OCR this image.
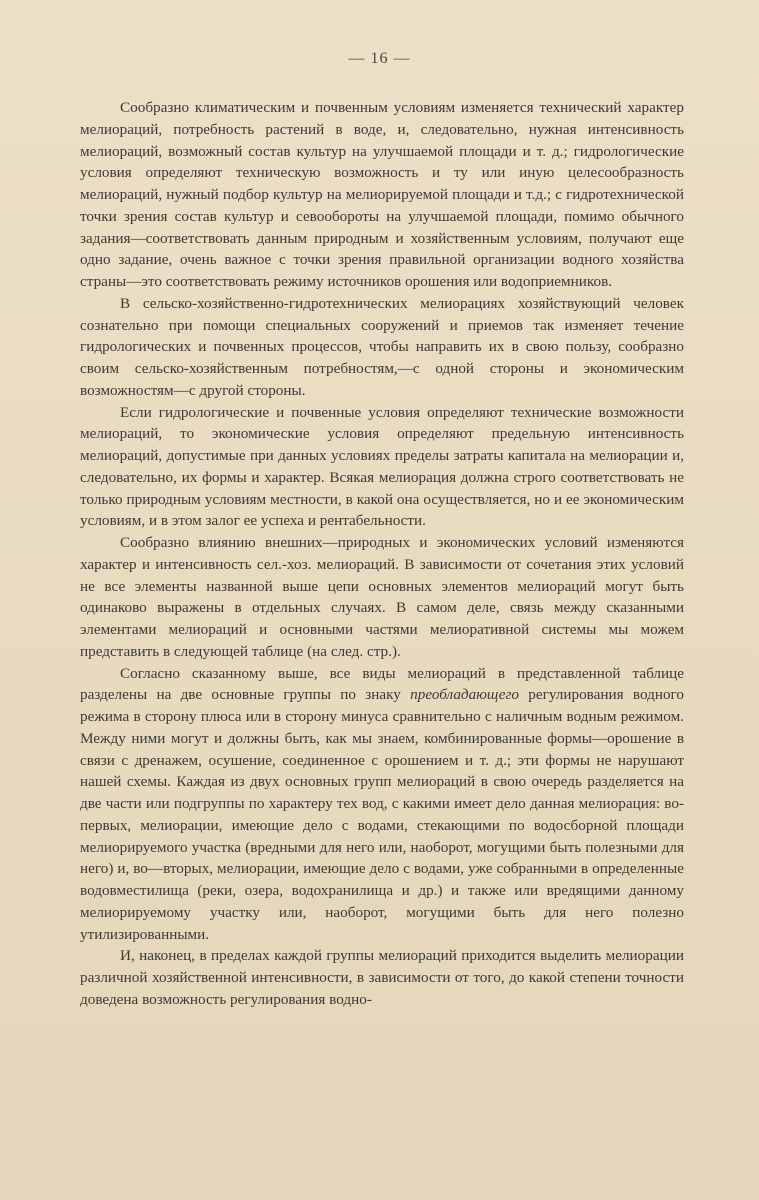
— 16 —

Сообразно климатическим и почвенным условиям изменяется технический характер мелиораций, потребность растений в воде, и, следовательно, нужная интенсивность мелиораций, возможный состав культур на улучшаемой площади и т. д.; гидрологические условия определяют техническую возможность и ту или иную целесообразность мелиораций, нужный подбор культур на мелиорируемой площади и т.д.; с гидротехнической точки зрения состав культур и севообороты на улучшаемой площади, помимо обычного задания—соответствовать данным природным и хозяйственным условиям, получают еще одно задание, очень важное с точки зрения правильной организации водного хозяйства страны—это соответствовать режиму источников орошения или водоприемников.

В сельско-хозяйственно-гидротехнических мелиорациях хозяйствующий человек сознательно при помощи специальных сооружений и приемов так изменяет течение гидрологических и почвенных процессов, чтобы направить их в свою пользу, сообразно своим сельско-хозяйственным потребностям,—с одной стороны и экономическим возможностям—с другой стороны.

Если гидрологические и почвенные условия определяют технические возможности мелиораций, то экономические условия определяют предельную интенсивность мелиораций, допустимые при данных условиях пределы затраты капитала на мелиорации и, следовательно, их формы и характер. Всякая мелиорация должна строго соответствовать не только природным условиям местности, в какой она осуществляется, но и ее экономическим условиям, и в этом залог ее успеха и рентабельности.

Сообразно влиянию внешних—природных и экономических условий изменяются характер и интенсивность сел.-хоз. мелиораций. В зависимости от сочетания этих условий не все элементы названной выше цепи основных элементов мелиораций могут быть одинаково выражены в отдельных случаях. В самом деле, связь между сказанными элементами мелиораций и основными частями мелиоративной системы мы можем представить в следующей таблице (на след. стр.).

Согласно сказанному выше, все виды мелиораций в представленной таблице разделены на две основные группы по знаку преобладающего регулирования водного режима в сторону плюса или в сторону минуса сравнительно с наличным водным режимом. Между ними могут и должны быть, как мы знаем, комбинированные формы—орошение в связи с дренажем, осушение, соединенное с орошением и т. д.; эти формы не нарушают нашей схемы. Каждая из двух основных групп мелиораций в свою очередь разделяется на две части или подгруппы по характеру тех вод, с какими имеет дело данная мелиорация: во-первых, мелиорации, имеющие дело с водами, стекающими по водосборной площади мелиорируемого участка (вредными для него или, наоборот, могущими быть полезными для него) и, во—вторых, мелиорации, имеющие дело с водами, уже собранными в определенные водовместилища (реки, озера, водохранилища и др.) и также или вредящими данному мелиорируемому участку или, наоборот, могущими быть для него полезно утилизированными.

И, наконец, в пределах каждой группы мелиораций приходится выделить мелиорации различной хозяйственной интенсивности, в зависимости от того, до какой степени точности доведена возможность регулирования водно-
